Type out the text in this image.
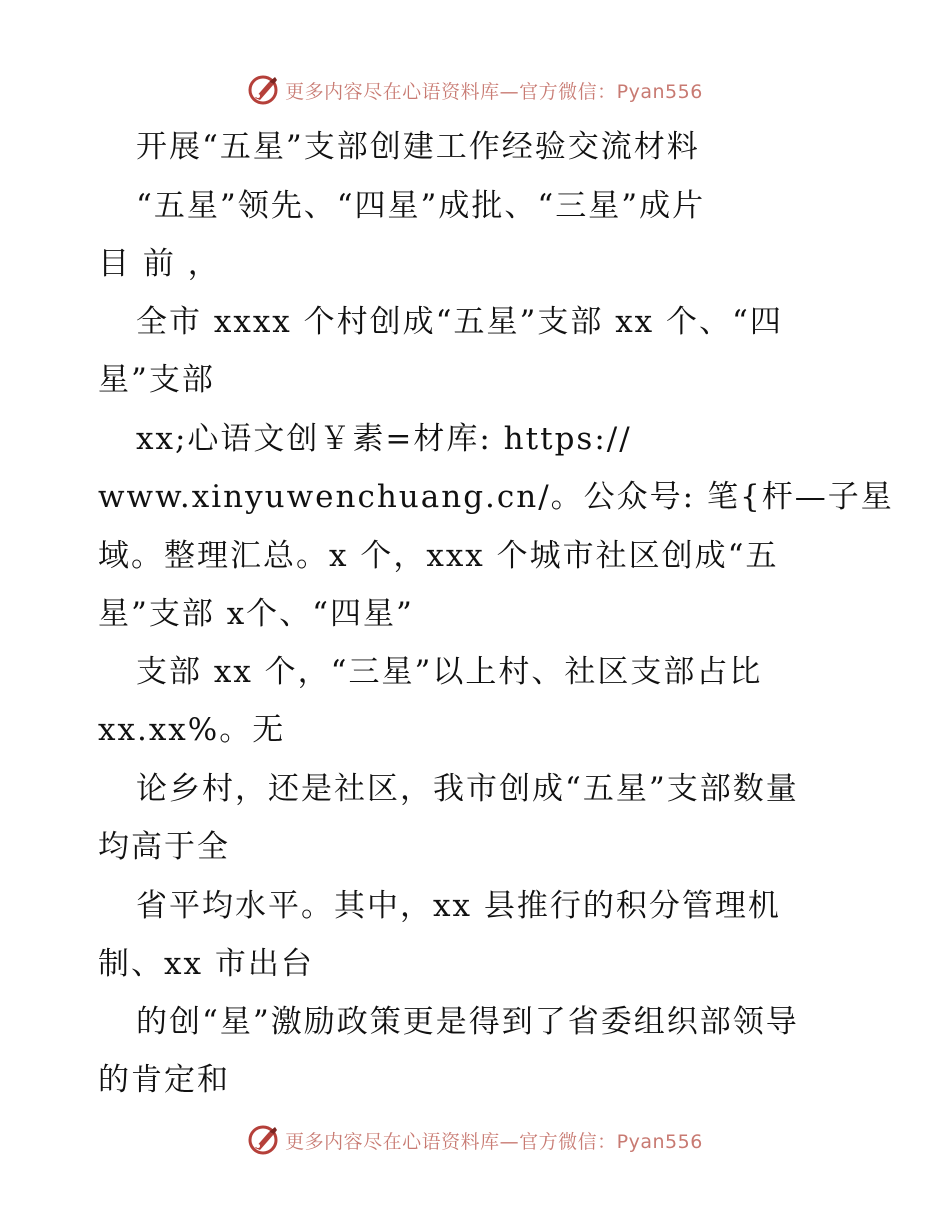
更多内容尽在心语资料库—官方微信：Pyan556
开展“五星”支部创建工作经验交流材料
“五星”领先、“四星”成批、“三星”成片
目 前 ，
全市 xxxx 个村创成“五星”支部 xx 个、“四
星”支部
xx;心语文创￥素=材库: https://
www.xinyuwenchuang.cn/。公众号: 笔{杆—子星
域。整理汇总。x 个，xxx 个城市社区创成“五
星”支部 x个、“四星”
支部 xx 个，“三星”以上村、社区支部占比
xx.xx%。无
论乡村，还是社区，我市创成“五星”支部数量
均高于全
省平均水平。其中，xx 县推行的积分管理机
制、xx 市出台
的创“星”激励政策更是得到了省委组织部领导
的肯定和
更多内容尽在心语资料库—官方微信：Pyan556
